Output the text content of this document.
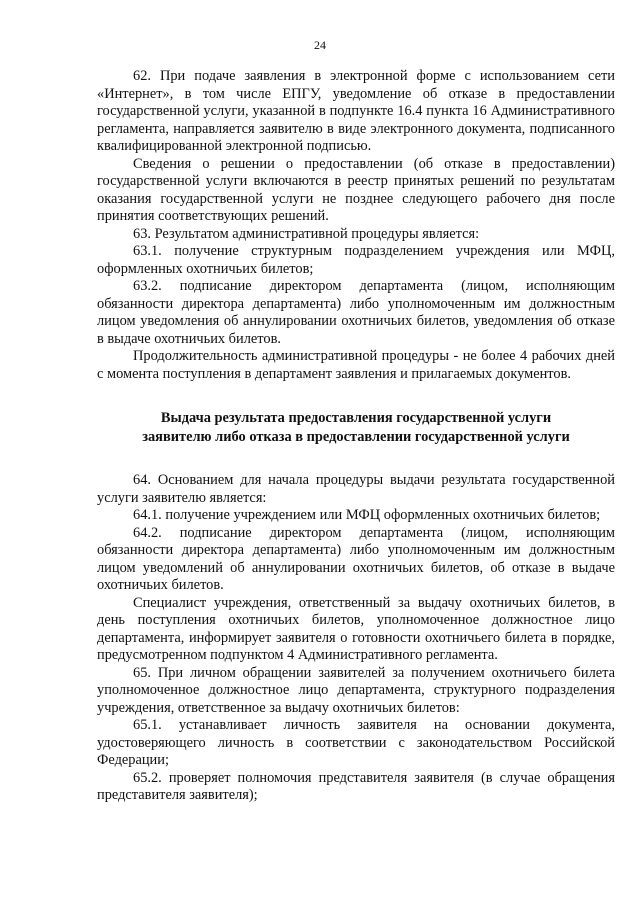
24

62. При подаче заявления в электронной форме с использованием сети «Интернет», в том числе ЕПГУ, уведомление об отказе в предоставлении государственной услуги, указанной в подпункте 16.4 пункта 16 Административного регламента, направляется заявителю в виде электронного документа, подписанного квалифицированной электронной подписью.

Сведения о решении о предоставлении (об отказе в предоставлении) государственной услуги включаются в реестр принятых решений по результатам оказания государственной услуги не позднее следующего рабочего дня после принятия соответствующих решений.

63. Результатом административной процедуры является:

63.1. получение структурным подразделением учреждения или МФЦ, оформленных охотничьих билетов;

63.2. подписание директором департамента (лицом, исполняющим обязанности директора департамента) либо уполномоченным им должностным лицом уведомления об аннулировании охотничьих билетов, уведомления об отказе в выдаче охотничьих билетов.

Продолжительность административной процедуры - не более 4 рабочих дней с момента поступления в департамент заявления и прилагаемых документов.

Выдача результата предоставления государственной услуги
заявителю либо отказа в предоставлении государственной услуги

64. Основанием для начала процедуры выдачи результата государственной услуги заявителю является:

64.1. получение учреждением или МФЦ оформленных охотничьих билетов;

64.2. подписание директором департамента (лицом, исполняющим обязанности директора департамента) либо уполномоченным им должностным лицом уведомлений об аннулировании охотничьих билетов, об отказе в выдаче охотничьих билетов.

Специалист учреждения, ответственный за выдачу охотничьих билетов, в день поступления охотничьих билетов, уполномоченное должностное лицо департамента, информирует заявителя о готовности охотничьего билета в порядке, предусмотренном подпунктом 4 Административного регламента.

65. При личном обращении заявителей за получением охотничьего билета уполномоченное должностное лицо департамента, структурного подразделения учреждения, ответственное за выдачу охотничьих билетов:

65.1. устанавливает личность заявителя на основании документа, удостоверяющего личность в соответствии с законодательством Российской Федерации;

65.2. проверяет полномочия представителя заявителя (в случае обращения представителя заявителя);
